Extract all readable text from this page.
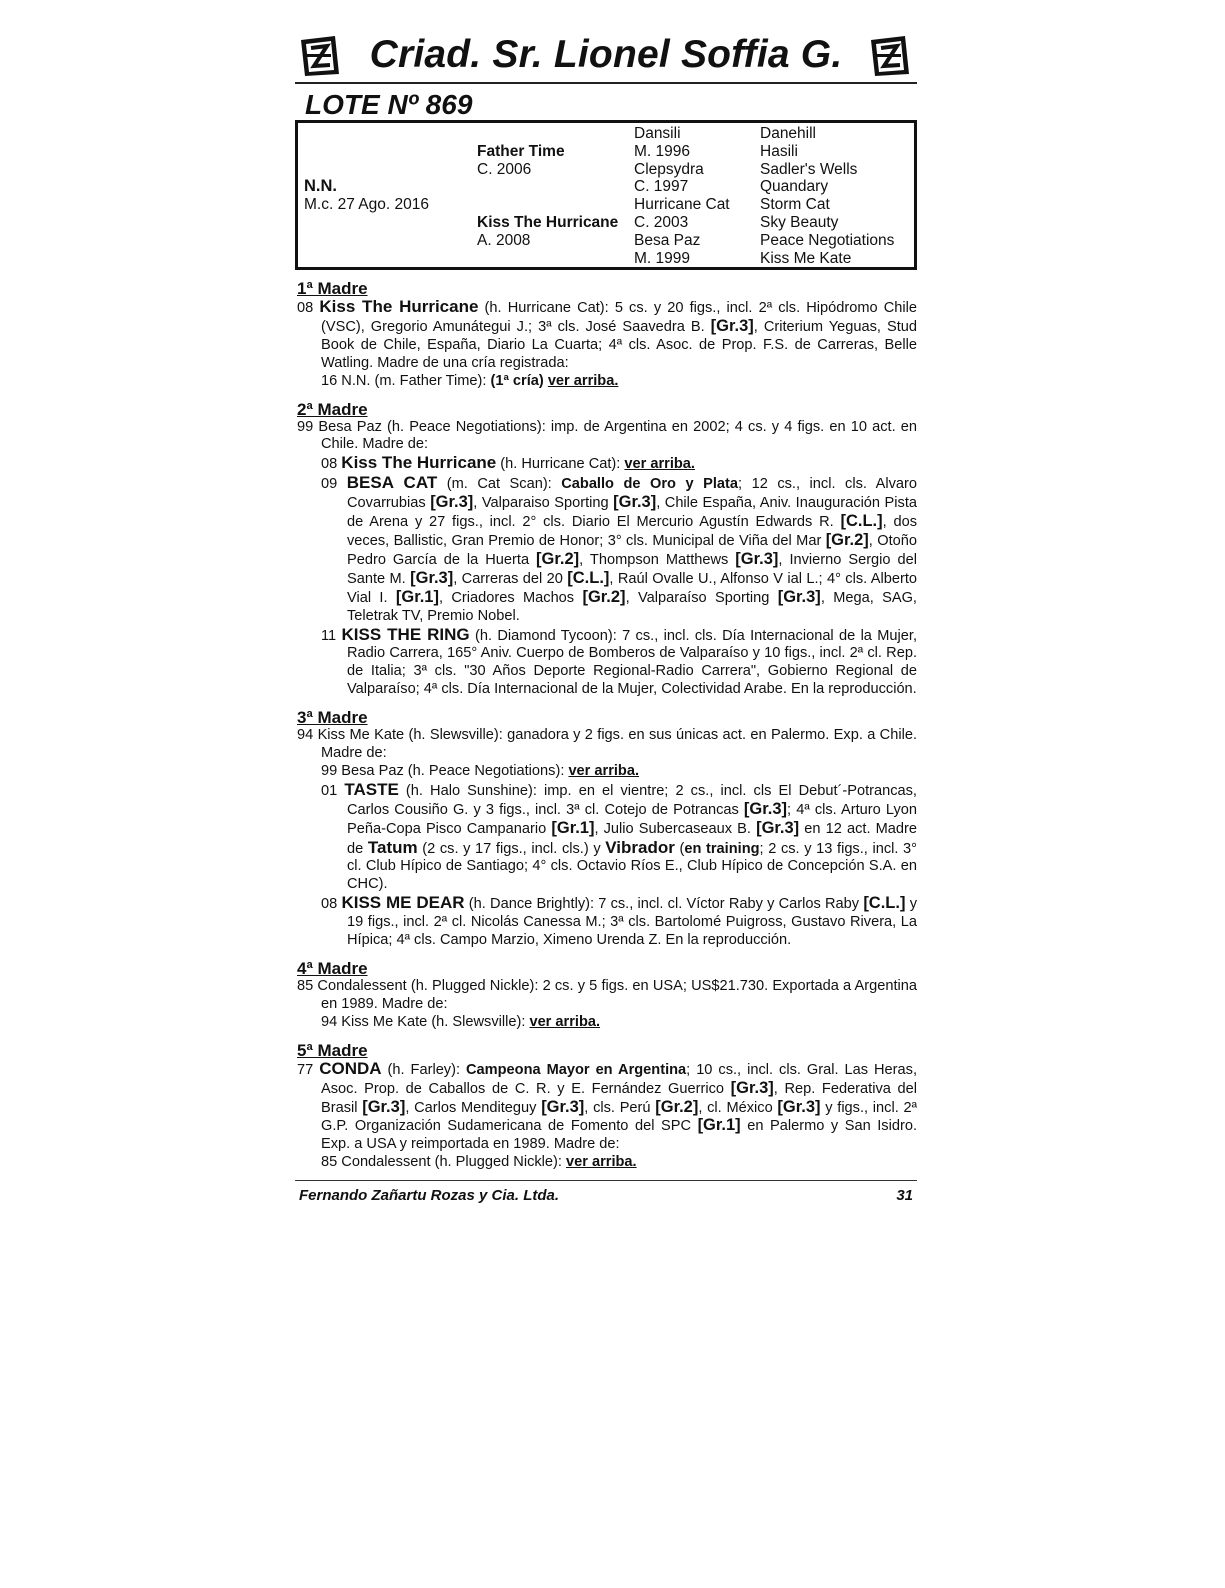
Criad. Sr. Lionel Soffia G.
LOTE Nº 869
N.N.
M.c. 27 Ago. 2016
Father Time
C. 2006
Kiss The Hurricane
A. 2008
Dansili
M. 1996
Clepsydra
C. 1997
Hurricane Cat
C. 2003
Besa Paz
M. 1999
Danehill
Hasili
Sadler's Wells
Quandary
Storm Cat
Sky Beauty
Peace Negotiations
Kiss Me Kate
1ª Madre

08 Kiss The Hurricane (h. Hurricane Cat): 5 cs. y 20 figs., incl. 2ª cls. Hipódromo Chile (VSC), Gregorio Amunátegui J.; 3ª cls. José Saavedra B. [Gr.3], Criterium Yeguas, Stud Book de Chile, España, Diario La Cuarta; 4ª cls. Asoc. de Prop. F.S. de Carreras, Belle Watling. Madre de una cría registrada:

16 N.N. (m. Father Time): (1ª cría) ver arriba.

2ª Madre

99 Besa Paz (h. Peace Negotiations): imp. de Argentina en 2002; 4 cs. y 4 figs. en 10 act. en Chile. Madre de:

08 Kiss The Hurricane (h. Hurricane Cat): ver arriba.

09 BESA CAT (m. Cat Scan): Caballo de Oro y Plata; 12 cs., incl. cls. Alvaro Covarrubias [Gr.3], Valparaiso Sporting [Gr.3], Chile España, Aniv. Inauguración Pista de Arena y 27 figs., incl. 2° cls. Diario El Mercurio Agustín Edwards R. [C.L.], dos veces, Ballistic, Gran Premio de Honor; 3° cls. Municipal de Viña del Mar [Gr.2], Otoño Pedro García de la Huerta [Gr.2], Thompson Matthews [Gr.3], Invierno Sergio del Sante M. [Gr.3], Carreras del 20 [C.L.], Raúl Ovalle U., Alfonso V ial L.; 4° cls. Alberto Vial I. [Gr.1], Criadores Machos [Gr.2], Valparaíso Sporting [Gr.3], Mega, SAG, Teletrak TV, Premio Nobel.

11 KISS THE RING (h. Diamond Tycoon): 7 cs., incl. cls. Día Internacional de la Mujer, Radio Carrera, 165° Aniv. Cuerpo de Bomberos de Valparaíso y 10 figs., incl. 2ª cl. Rep. de Italia; 3ª cls. "30 Años Deporte Regional-Radio Carrera", Gobierno Regional de Valparaíso; 4ª cls. Día Internacional de la Mujer, Colectividad Arabe. En la reproducción.

3ª Madre

94 Kiss Me Kate (h. Slewsville): ganadora y 2 figs. en sus únicas act. en Palermo. Exp. a Chile. Madre de:

99 Besa Paz (h. Peace Negotiations): ver arriba.

01 TASTE (h. Halo Sunshine): imp. en el vientre; 2 cs., incl. cls El Debut´-Potrancas, Carlos Cousiño G. y 3 figs., incl. 3ª cl. Cotejo de Potrancas [Gr.3]; 4ª cls. Arturo Lyon Peña-Copa Pisco Campanario [Gr.1], Julio Subercaseaux B. [Gr.3] en 12 act. Madre de Tatum (2 cs. y 17 figs., incl. cls.) y Vibrador (en training; 2 cs. y 13 figs., incl. 3° cl. Club Hípico de Santiago; 4° cls. Octavio Ríos E., Club Hípico de Concepción S.A. en CHC).

08 KISS ME DEAR (h. Dance Brightly): 7 cs., incl. cl. Víctor Raby y Carlos Raby [C.L.] y 19 figs., incl. 2ª cl. Nicolás Canessa M.; 3ª cls. Bartolomé Puigross, Gustavo Rivera, La Hípica; 4ª cls. Campo Marzio, Ximeno Urenda Z. En la reproducción.

4ª Madre

85 Condalessent (h. Plugged Nickle): 2 cs. y 5 figs. en USA; US$21.730. Exportada a Argentina en 1989. Madre de:

94 Kiss Me Kate (h. Slewsville): ver arriba.

5ª Madre

77 CONDA (h. Farley): Campeona Mayor en Argentina; 10 cs., incl. cls. Gral. Las Heras, Asoc. Prop. de Caballos de C. R. y E. Fernández Guerrico [Gr.3], Rep. Federativa del Brasil [Gr.3], Carlos Menditeguy [Gr.3], cls. Perú [Gr.2], cl. México [Gr.3] y figs., incl. 2ª G.P. Organización Sudamericana de Fomento del SPC [Gr.1] en Palermo y San Isidro. Exp. a USA y reimportada en 1989. Madre de:

85 Condalessent (h. Plugged Nickle): ver arriba.

Fernando Zañartu Rozas y Cia. Ltda.	31
